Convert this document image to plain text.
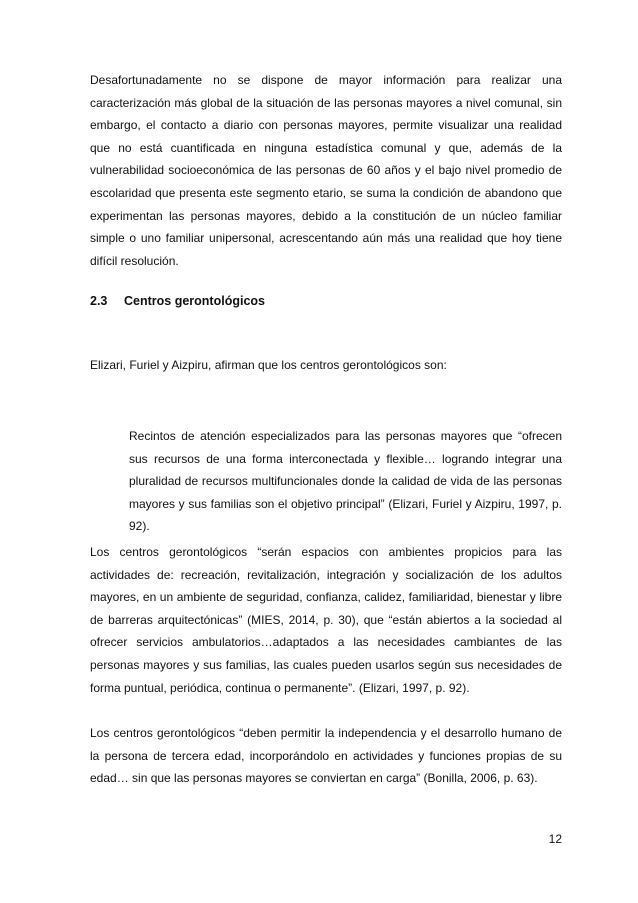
Desafortunadamente no se dispone de mayor información para realizar una caracterización más global de la situación de las personas mayores a nivel comunal, sin embargo, el contacto a diario con personas mayores, permite visualizar una realidad que no está cuantificada en ninguna estadística comunal y que, además de la vulnerabilidad socioeconómica de las personas de 60 años y el bajo nivel promedio de escolaridad que presenta este segmento etario, se suma la condición de abandono que experimentan las personas mayores, debido a la constitución de un núcleo familiar simple o uno familiar unipersonal, acrescentando aún más una realidad que hoy tiene difícil resolución.

2.3 Centros gerontológicos

Elizari, Furiel y Aizpiru, afirman que los centros gerontológicos son:

Recintos de atención especializados para las personas mayores que “ofrecen sus recursos de una forma interconectada y flexible… logrando integrar una pluralidad de recursos multifuncionales donde la calidad de vida de las personas mayores y sus familias son el objetivo principal” (Elizari, Furiel y Aizpiru, 1997, p. 92).

Los centros gerontológicos “serán espacios con ambientes propicios para las actividades de: recreación, revitalización, integración y socialización de los adultos mayores, en un ambiente de seguridad, confianza, calidez, familiaridad, bienestar y libre de barreras arquitectónicas” (MIES, 2014, p. 30), que “están abiertos a la sociedad al ofrecer servicios ambulatorios…adaptados a las necesidades cambiantes de las personas mayores y sus familias, las cuales pueden usarlos según sus necesidades de forma puntual, periódica, continua o permanente”. (Elizari, 1997, p. 92).

Los centros gerontológicos “deben permitir la independencia y el desarrollo humano de la persona de tercera edad, incorporándolo en actividades y funciones propias de su edad… sin que las personas mayores se conviertan en carga” (Bonilla, 2006, p. 63).

12
